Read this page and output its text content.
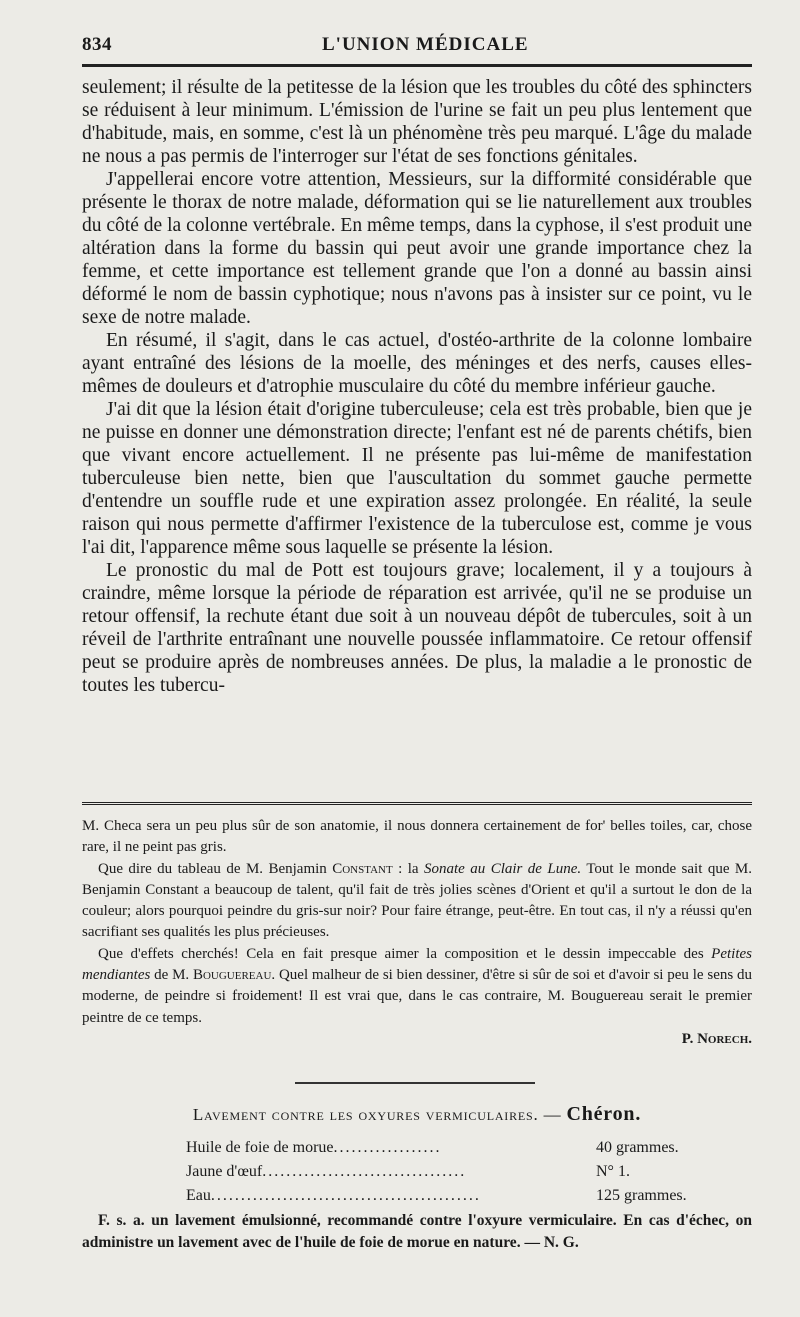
834	L'UNION MÉDICALE

seulement; il résulte de la petitesse de la lésion que les troubles du côté des sphincters se réduisent à leur minimum. L'émission de l'urine se fait un peu plus lentement que d'habitude, mais, en somme, c'est là un phénomène très peu marqué. L'âge du malade ne nous a pas permis de l'interroger sur l'état de ses fonctions génitales.

J'appellerai encore votre attention, Messieurs, sur la difformité considérable que présente le thorax de notre malade, déformation qui se lie naturellement aux troubles du côté de la colonne vertébrale. En même temps, dans la cyphose, il s'est produit une altération dans la forme du bassin qui peut avoir une grande importance chez la femme, et cette importance est tellement grande que l'on a donné au bassin ainsi déformé le nom de bassin cyphotique; nous n'avons pas à insister sur ce point, vu le sexe de notre malade.

En résumé, il s'agit, dans le cas actuel, d'ostéo-arthrite de la colonne lombaire ayant entraîné des lésions de la moelle, des méninges et des nerfs, causes elles-mêmes de douleurs et d'atrophie musculaire du côté du membre inférieur gauche.

J'ai dit que la lésion était d'origine tuberculeuse; cela est très probable, bien que je ne puisse en donner une démonstration directe; l'enfant est né de parents chétifs, bien que vivant encore actuellement. Il ne présente pas lui-même de manifestation tuberculeuse bien nette, bien que l'auscultation du sommet gauche permette d'entendre un souffle rude et une expiration assez prolongée. En réalité, la seule raison qui nous permette d'affirmer l'existence de la tuberculose est, comme je vous l'ai dit, l'apparence même sous laquelle se présente la lésion.

Le pronostic du mal de Pott est toujours grave; localement, il y a toujours à craindre, même lorsque la période de réparation est arrivée, qu'il ne se produise un retour offensif, la rechute étant due soit à un nouveau dépôt de tubercules, soit à un réveil de l'arthrite entraînant une nouvelle poussée inflammatoire. Ce retour offensif peut se produire après de nombreuses années. De plus, la maladie a le pronostic de toutes les tubercu-

M. Checa sera un peu plus sûr de son anatomie, il nous donnera certainement de for' belles toiles, car, chose rare, il ne peint pas gris.

Que dire du tableau de M. Benjamin Constant : la Sonate au Clair de Lune. Tout le monde sait que M. Benjamin Constant a beaucoup de talent, qu'il fait de très jolies scènes d'Orient et qu'il a surtout le don de la couleur; alors pourquoi peindre du gris-sur noir? Pour faire étrange, peut-être. En tout cas, il n'y a réussi qu'en sacrifiant ses qualités les plus précieuses.

Que d'effets cherchés! Cela en fait presque aimer la composition et le dessin impeccable des Petites mendiantes de M. Bouguereau. Quel malheur de si bien dessiner, d'être si sûr de soi et d'avoir si peu le sens du moderne, de peindre si froidement! Il est vrai que, dans le cas contraire, M. Bouguereau serait le premier peintre de ce temps.

P. Norech.

Lavement contre les oxyures vermiculaires. — Chéron.
Huile de foie de morue ..................	40 grammes.
Jaune d'œuf ..................................	N° 1.
Eau .............................................	125 grammes.

F. s. a. un lavement émulsionné, recommandé contre l'oxyure vermiculaire. En cas d'échec, on administre un lavement avec de l'huile de foie de morue en nature. — N. G.
